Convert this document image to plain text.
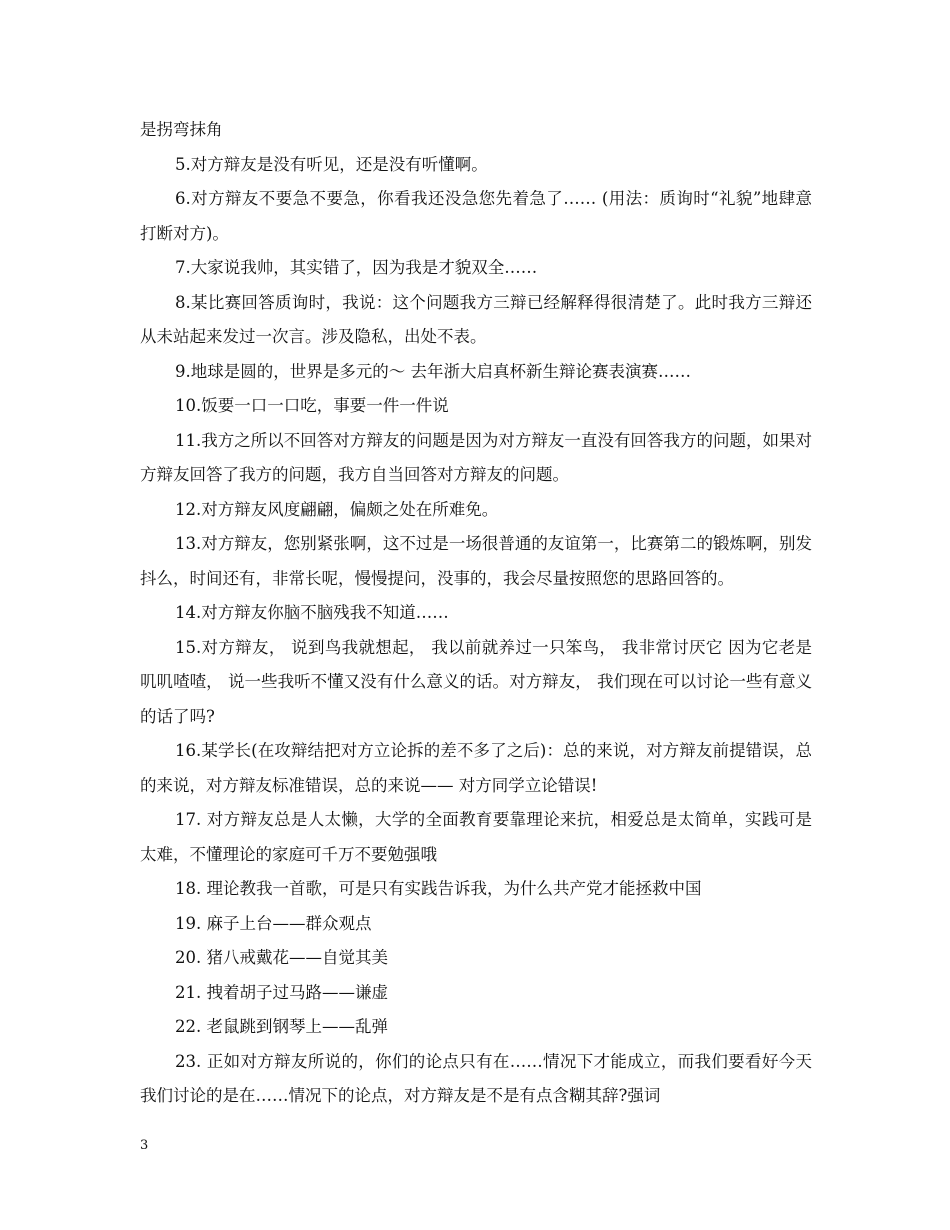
是拐弯抹角

5.对方辩友是没有听见，还是没有听懂啊。

6.对方辩友不要急不要急，你看我还没急您先着急了…… (用法：质询时“礼貌”地肆意打断对方)。

7.大家说我帅，其实错了，因为我是才貌双全……

8.某比赛回答质询时，我说：这个问题我方三辩已经解释得很清楚了。此时我方三辩还从未站起来发过一次言。涉及隐私，出处不表。

9.地球是圆的，世界是多元的～ 去年浙大启真杯新生辩论赛表演赛……

10.饭要一口一口吃，事要一件一件说

11.我方之所以不回答对方辩友的问题是因为对方辩友一直没有回答我方的问题，如果对方辩友回答了我方的问题，我方自当回答对方辩友的问题。

12.对方辩友风度翩翩，偏颇之处在所难免。

13.对方辩友，您别紧张啊，这不过是一场很普通的友谊第一，比赛第二的锻炼啊，别发抖么，时间还有，非常长呢，慢慢提问，没事的，我会尽量按照您的思路回答的。

14.对方辩友你脑不脑残我不知道……

15.对方辩友， 说到鸟我就想起， 我以前就养过一只笨鸟， 我非常讨厌它 因为它老是叽叽喳喳， 说一些我听不懂又没有什么意义的话。对方辩友， 我们现在可以讨论一些有意义的话了吗?

16.某学长(在攻辩结把对方立论拆的差不多了之后)：总的来说，对方辩友前提错误，总的来说，对方辩友标准错误，总的来说—— 对方同学立论错误!

17. 对方辩友总是人太懒，大学的全面教育要靠理论来抗，相爱总是太简单，实践可是太难，不懂理论的家庭可千万不要勉强哦

18. 理论教我一首歌，可是只有实践告诉我，为什么共产党才能拯救中国

19. 麻子上台——群众观点

20. 猪八戒戴花——自觉其美

21. 拽着胡子过马路——谦虚

22. 老鼠跳到钢琴上——乱弹

23. 正如对方辩友所说的，你们的论点只有在……情况下才能成立，而我们要看好今天我们讨论的是在……情况下的论点，对方辩友是不是有点含糊其辞?强词

3
